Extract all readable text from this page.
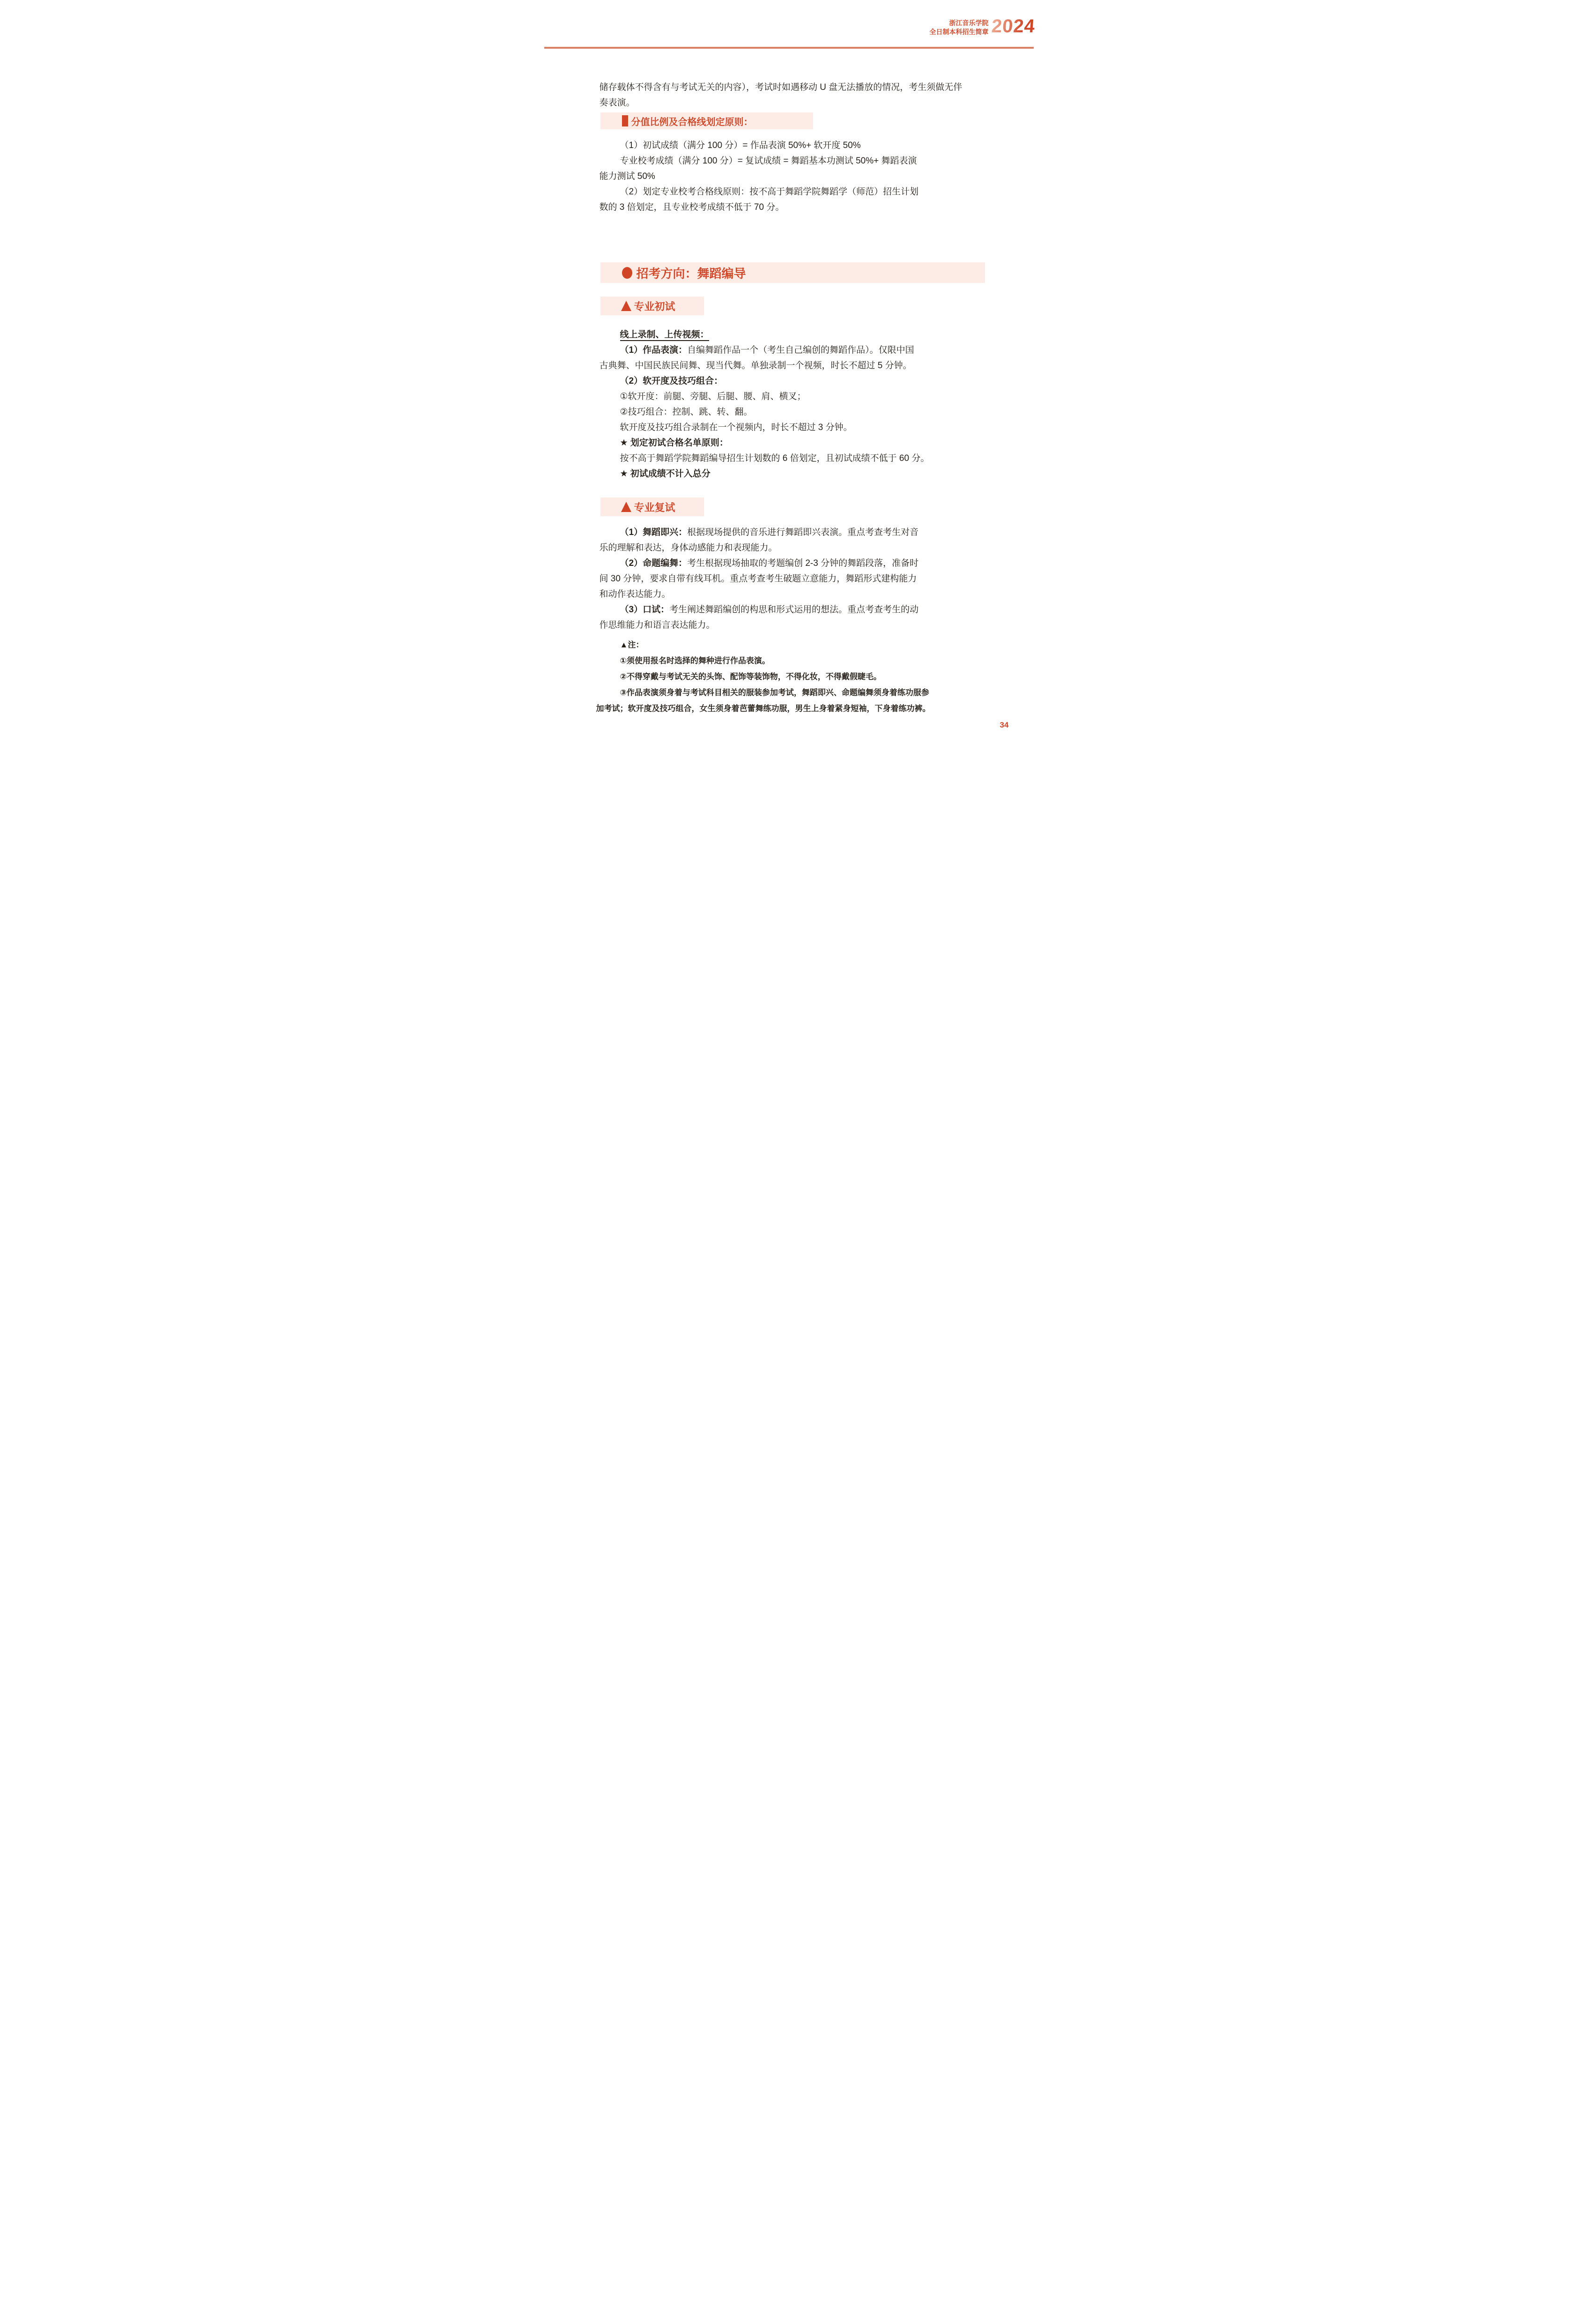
浙江音乐学院
全日制本科招生简章 2024
储存载体不得含有与考试无关的内容），考试时如遇移动 U 盘无法播放的情况，考生须做无伴
奏表演。
分值比例及合格线划定原则：
（1）初试成绩（满分 100 分）= 作品表演 50%+ 软开度 50%
专业校考成绩（满分 100 分）= 复试成绩 = 舞蹈基本功测试 50%+ 舞蹈表演
能力测试 50%
（2）划定专业校考合格线原则：按不高于舞蹈学院舞蹈学（师范）招生计划
数的 3 倍划定，且专业校考成绩不低于 70 分。
招考方向：舞蹈编导
专业初试
线上录制、上传视频：
（1）作品表演：自编舞蹈作品一个（考生自己编创的舞蹈作品）。仅限中国
古典舞、中国民族民间舞、现当代舞。单独录制一个视频，时长不超过 5 分钟。
（2）软开度及技巧组合：
①软开度：前腿、旁腿、后腿、腰、肩、横叉；
②技巧组合：控制、跳、转、翻。
软开度及技巧组合录制在一个视频内，时长不超过 3 分钟。
★ 划定初试合格名单原则：
按不高于舞蹈学院舞蹈编导招生计划数的 6 倍划定，且初试成绩不低于 60 分。
★ 初试成绩不计入总分
专业复试
（1）舞蹈即兴：根据现场提供的音乐进行舞蹈即兴表演。重点考查考生对音
乐的理解和表达，身体动感能力和表现能力。
（2）命题编舞：考生根据现场抽取的考题编创 2-3 分钟的舞蹈段落，准备时
间 30 分钟，要求自带有线耳机。重点考查考生破题立意能力，舞蹈形式建构能力
和动作表达能力。
（3）口试：考生阐述舞蹈编创的构思和形式运用的想法。重点考查考生的动
作思维能力和语言表达能力。
▲注：
①须使用报名时选择的舞种进行作品表演。
②不得穿戴与考试无关的头饰、配饰等装饰物，不得化妆，不得戴假睫毛。
③作品表演须身着与考试科目相关的服装参加考试，舞蹈即兴、命题编舞须身着练功服参
加考试；软开度及技巧组合，女生须身着芭蕾舞练功服，男生上身着紧身短袖，下身着练功裤。
34
